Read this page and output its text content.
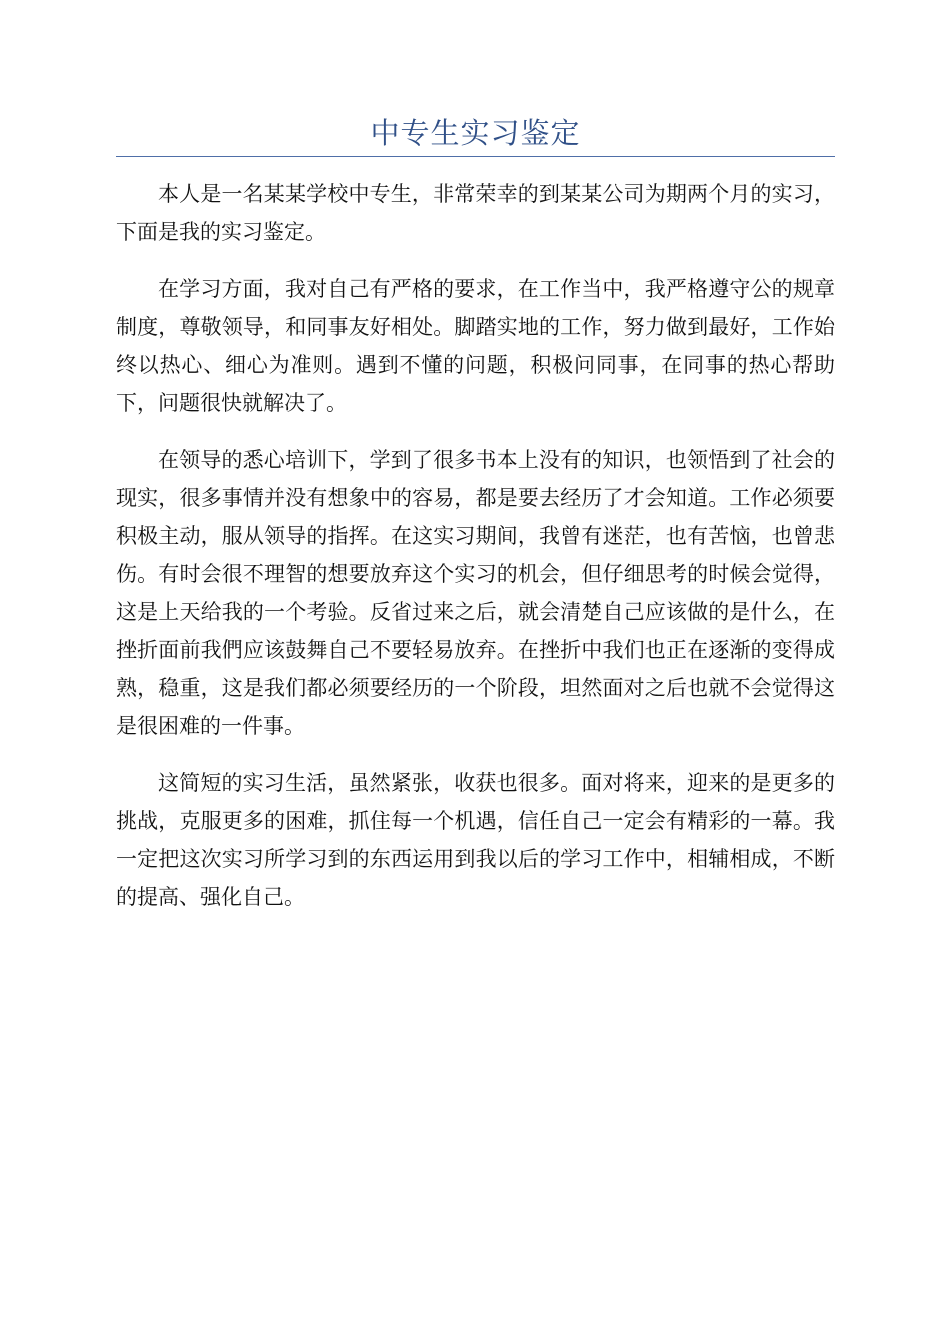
中专生实习鉴定

本人是一名某某学校中专生，非常荣幸的到某某公司为期两个月的实习，下面是我的实习鉴定。

在学习方面，我对自己有严格的要求，在工作当中，我严格遵守公的规章制度，尊敬领导，和同事友好相处。脚踏实地的工作，努力做到最好，工作始终以热心、细心为准则。遇到不懂的问题，积极问同事，在同事的热心帮助下，问题很快就解决了。

在领导的悉心培训下，学到了很多书本上没有的知识，也领悟到了社会的现实，很多事情并没有想象中的容易，都是要去经历了才会知道。工作必须要积极主动，服从领导的指挥。在这实习期间，我曾有迷茫，也有苦恼，也曾悲伤。有时会很不理智的想要放弃这个实习的机会，但仔细思考的时候会觉得，这是上天给我的一个考验。反省过来之后，就会清楚自己应该做的是什么，在挫折面前我們应该鼓舞自己不要轻易放弃。在挫折中我们也正在逐渐的变得成熟，稳重，这是我们都必须要经历的一个阶段，坦然面对之后也就不会觉得这是很困难的一件事。

这简短的实习生活，虽然紧张，收获也很多。面对将来，迎来的是更多的挑战，克服更多的困难，抓住每一个机遇，信任自己一定会有精彩的一幕。我一定把这次实习所学习到的东西运用到我以后的学习工作中，相辅相成，不断的提高、强化自己。
